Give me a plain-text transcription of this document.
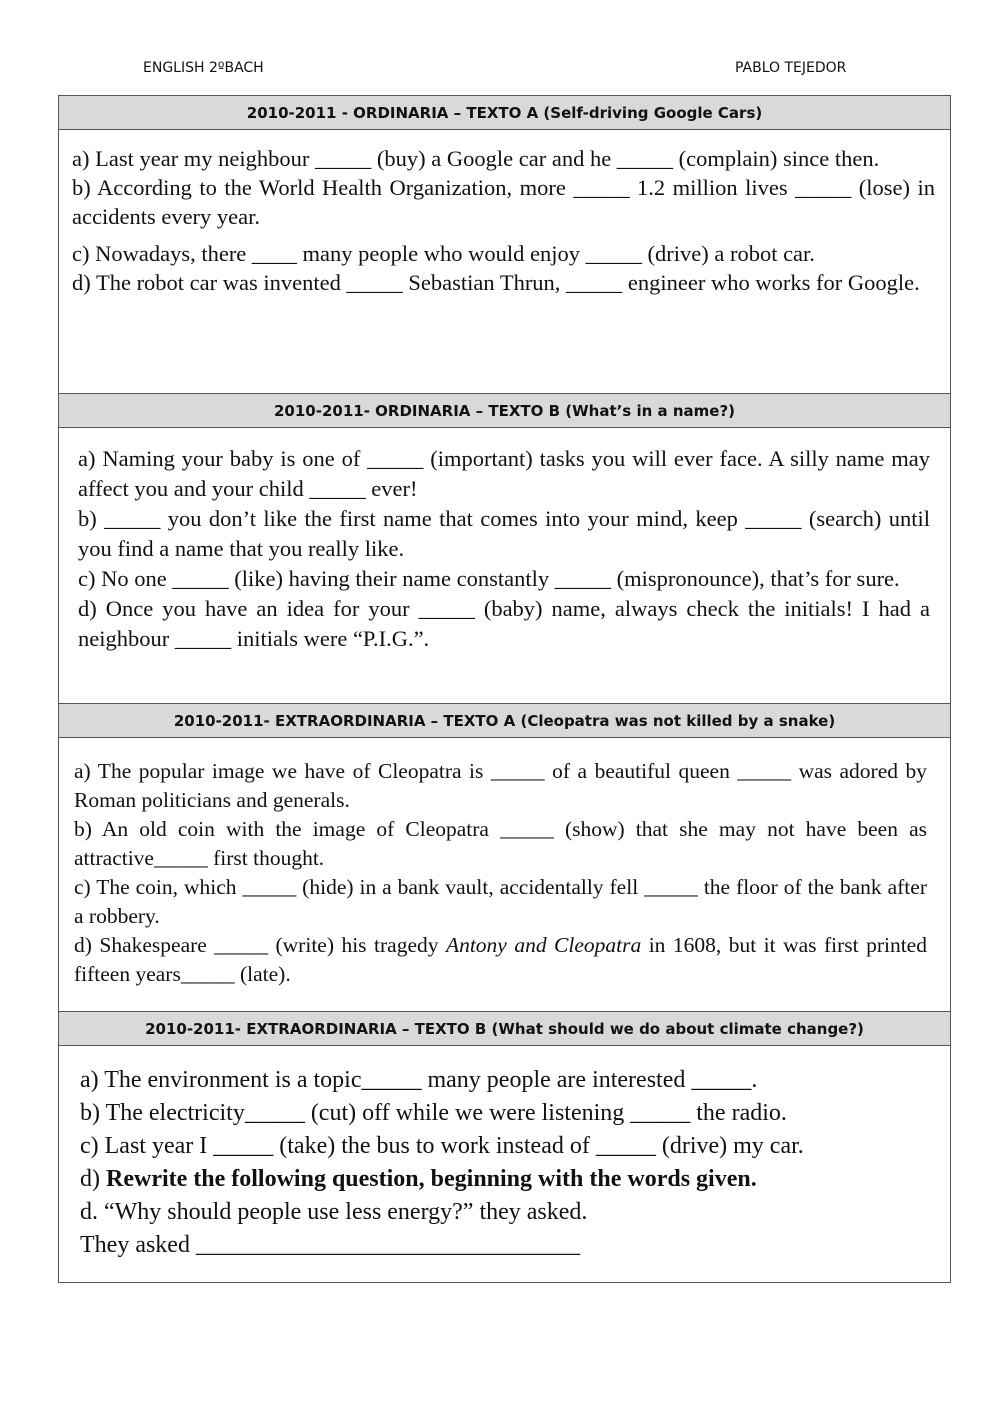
ENGLISH 2ºBACH	PABLO TEJEDOR
2010-2011 - ORDINARIA – TEXTO A (Self-driving Google Cars)

a) Last year my neighbour _____ (buy) a Google car and he _____ (complain) since then.

b) According to the World Health Organization, more _____ 1.2 million lives _____ (lose) in accidents every year.

c) Nowadays, there ____ many people who would enjoy _____ (drive) a robot car.

d) The robot car was invented _____ Sebastian Thrun, _____ engineer who works for Google.

2010-2011- ORDINARIA – TEXTO B (What’s in a name?)

a) Naming your baby is one of _____ (important) tasks you will ever face. A silly name may affect you and your child _____ ever!

b) _____ you don’t like the first name that comes into your mind, keep _____ (search) until you find a name that you really like.

c) No one _____ (like) having their name constantly _____ (mispronounce), that’s for sure.

d) Once you have an idea for your _____ (baby) name, always check the initials! I had a neighbour _____ initials were “P.I.G.”.

2010-2011- EXTRAORDINARIA – TEXTO A (Cleopatra was not killed by a snake)

a) The popular image we have of Cleopatra is _____ of a beautiful queen _____ was adored by Roman politicians and generals.

b) An old coin with the image of Cleopatra _____ (show) that she may not have been as attractive_____ first thought.

c) The coin, which _____ (hide) in a bank vault, accidentally fell _____ the floor of the bank after a robbery.

d) Shakespeare _____ (write) his tragedy Antony and Cleopatra in 1608, but it was first printed fifteen years_____ (late).

2010-2011- EXTRAORDINARIA – TEXTO B (What should we do about climate change?)

a) The environment is a topic_____ many people are interested _____.

b) The electricity_____ (cut) off while we were listening _____ the radio.

c) Last year I _____ (take) the bus to work instead of _____ (drive) my car.

d) Rewrite the following question, beginning with the words given.

d. “Why should people use less energy?” they asked.

They asked ________________________________
